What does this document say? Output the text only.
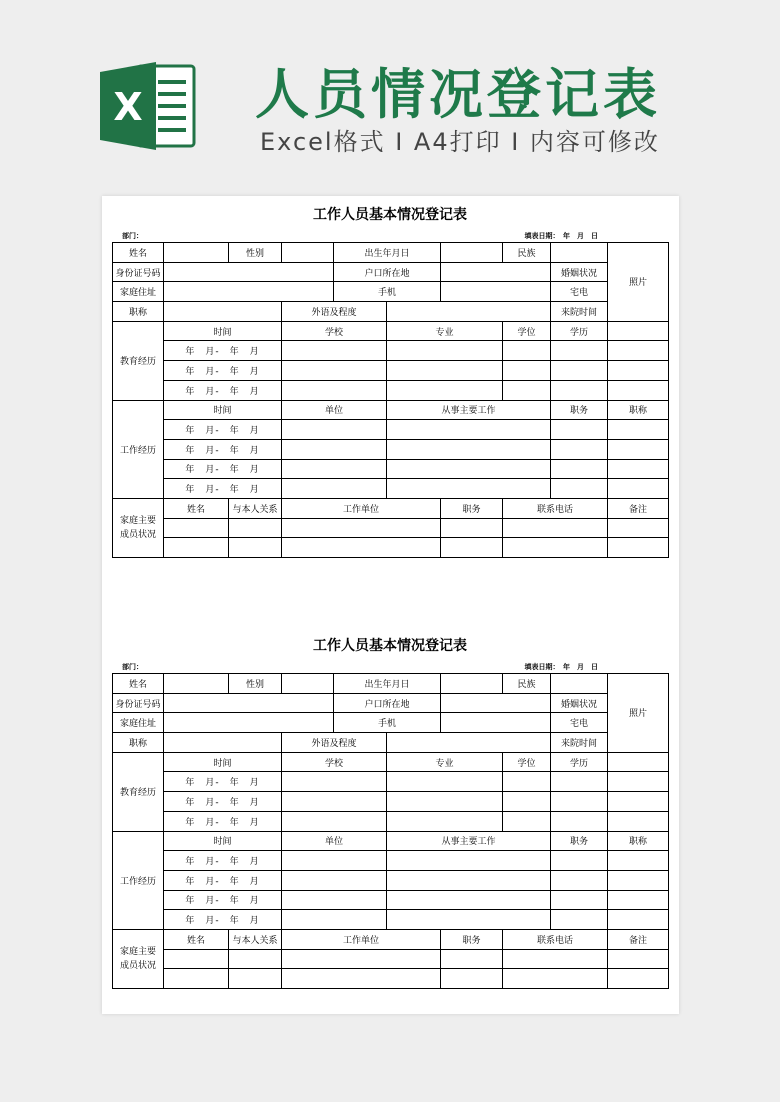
X 人员情况登记表
Excel格式 I A4打印 I 内容可修改
工作人员基本情况登记表
部门：	填表日期：　年　月　日
姓名		性别		出生年月日			民族		照片
身份证号码				户口所在地				婚姻状况	
家庭住址				手机				宅电	
职称			外语及程度					来院时间	
教育经历	时间		学校		专业		学位	学历	
	年　月-　年　月								
	年　月-　年　月								
	年　月-　年　月								
工作经历	时间		单位		从事主要工作			职务	职称
	年　月-　年　月								
	年　月-　年　月								
	年　月-　年　月								
	年　月-　年　月								
家庭主要
成员状况	姓名	与本人关系	工作单位			职务	联系电话		备注

工作人员基本情况登记表
部门：	填表日期：　年　月　日
姓名		性别		出生年月日			民族		照片
身份证号码				户口所在地				婚姻状况	
家庭住址				手机				宅电	
职称			外语及程度					来院时间	
教育经历	时间		学校		专业		学位	学历	
	年　月-　年　月								
	年　月-　年　月								
	年　月-　年　月								
工作经历	时间		单位		从事主要工作			职务	职称
	年　月-　年　月								
	年　月-　年　月								
	年　月-　年　月								
	年　月-　年　月								
家庭主要
成员状况	姓名	与本人关系	工作单位			职务	联系电话		备注
